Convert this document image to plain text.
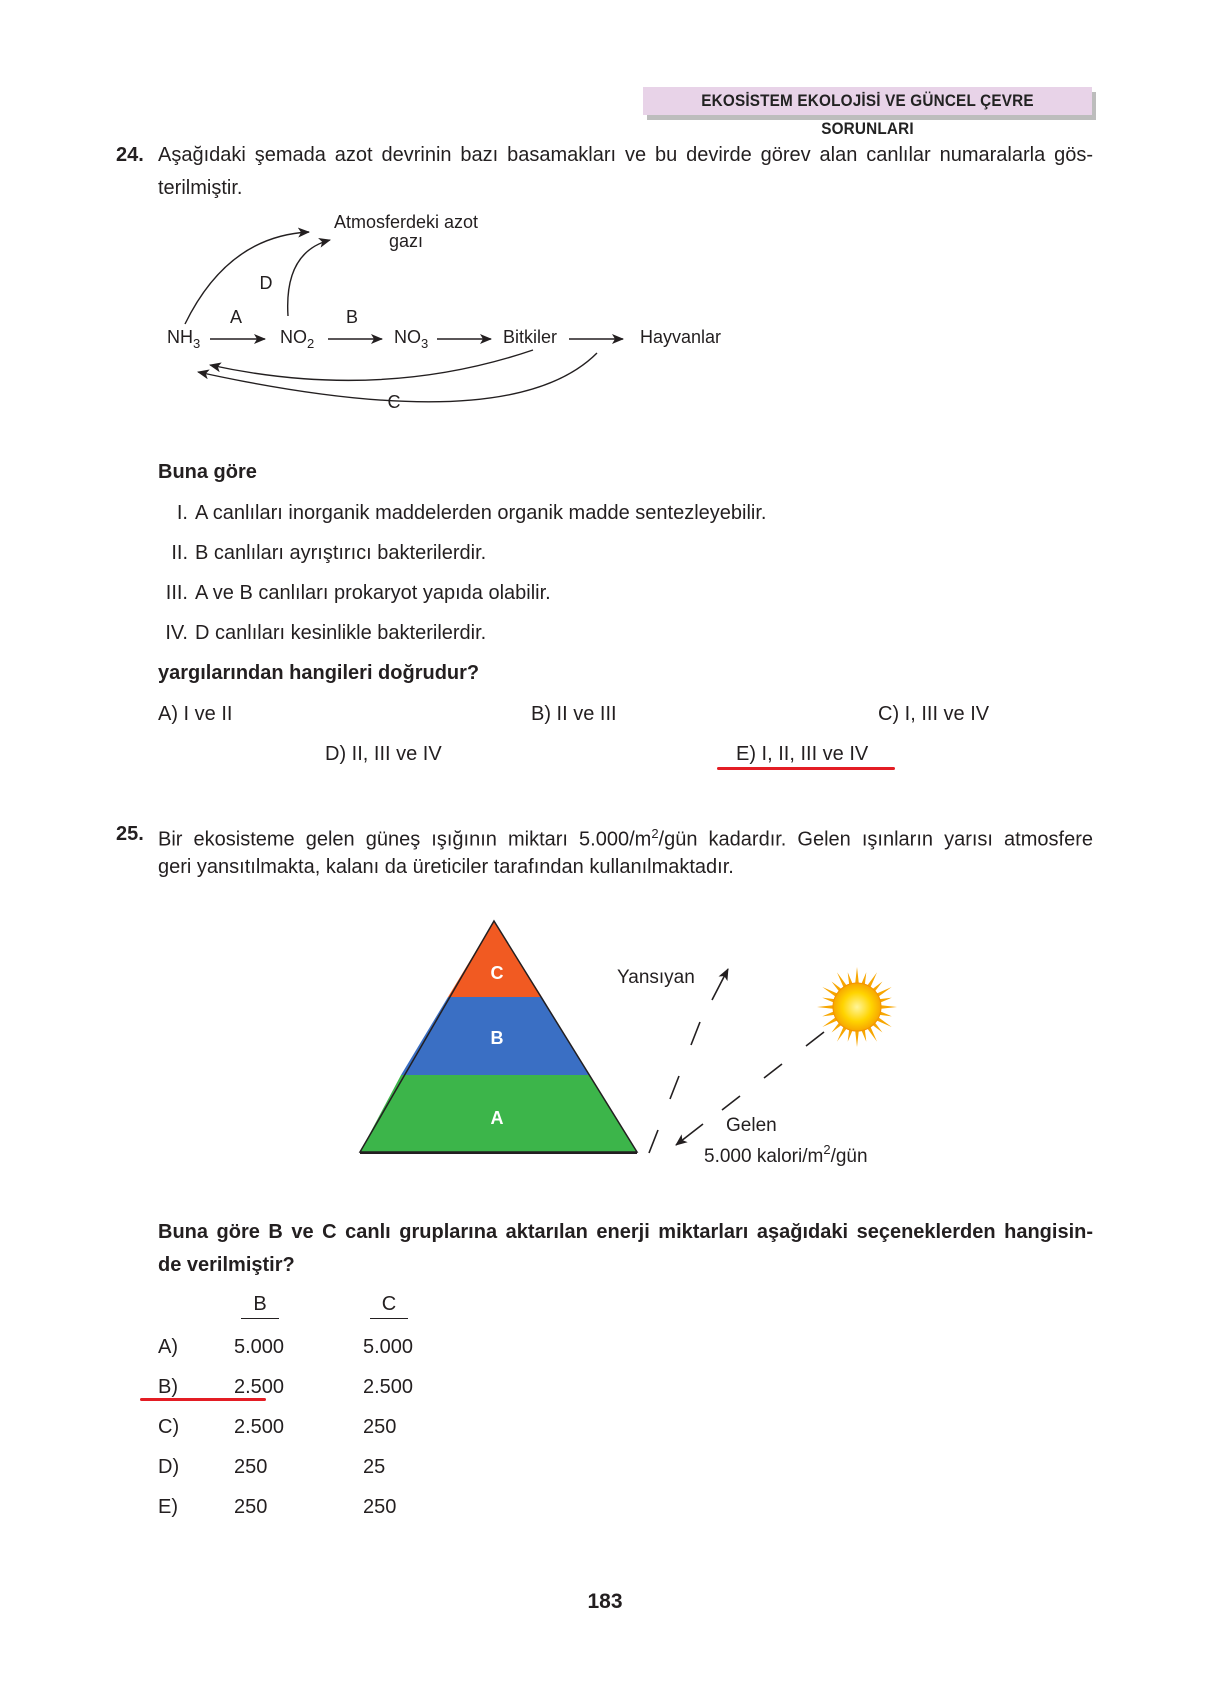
EKOSİSTEM EKOLOJİSİ VE GÜNCEL ÇEVRE SORUNLARI
24. Aşağıdaki şemada azot devrinin bazı basamakları ve bu devirde görev alan canlılar numaralarla gös-
terilmiştir.
Atmosferdeki azot
gazı
$NH_3$	$NO_2$	$NO_3$	Bitkiler	Hayvanlar
A	B
D
C
Buna göre
I. A canlıları inorganik maddelerden organik madde sentezleyebilir.
II. B canlıları ayrıştırıcı bakterilerdir.
III. A ve B canlıları prokaryot yapıda olabilir.
IV. D canlıları kesinlikle bakterilerdir.
yargılarından hangileri doğrudur?
A) I ve II	B) II ve III	C) I, III ve IV
D) II, III ve IV	E) I, II, III ve IV
25. Bir ekosisteme gelen güneş ışığının miktarı $5.000/m^2$/gün kadardır. Gelen ışınların yarısı atmosfere
geri yansıtılmakta, kalanı da üreticiler tarafından kullanılmaktadır.
C
B
A
Yansıyan
Gelen
5.000 kalori/$m^2$/gün
Buna göre B ve C canlı gruplarına aktarılan enerji miktarları aşağıdaki seçeneklerden hangisin-
de verilmiştir?
B	C
A)	5.000	5.000
B)	2.500	2.500
C)	2.500	250
D)	250	25
E)	250	250
183
